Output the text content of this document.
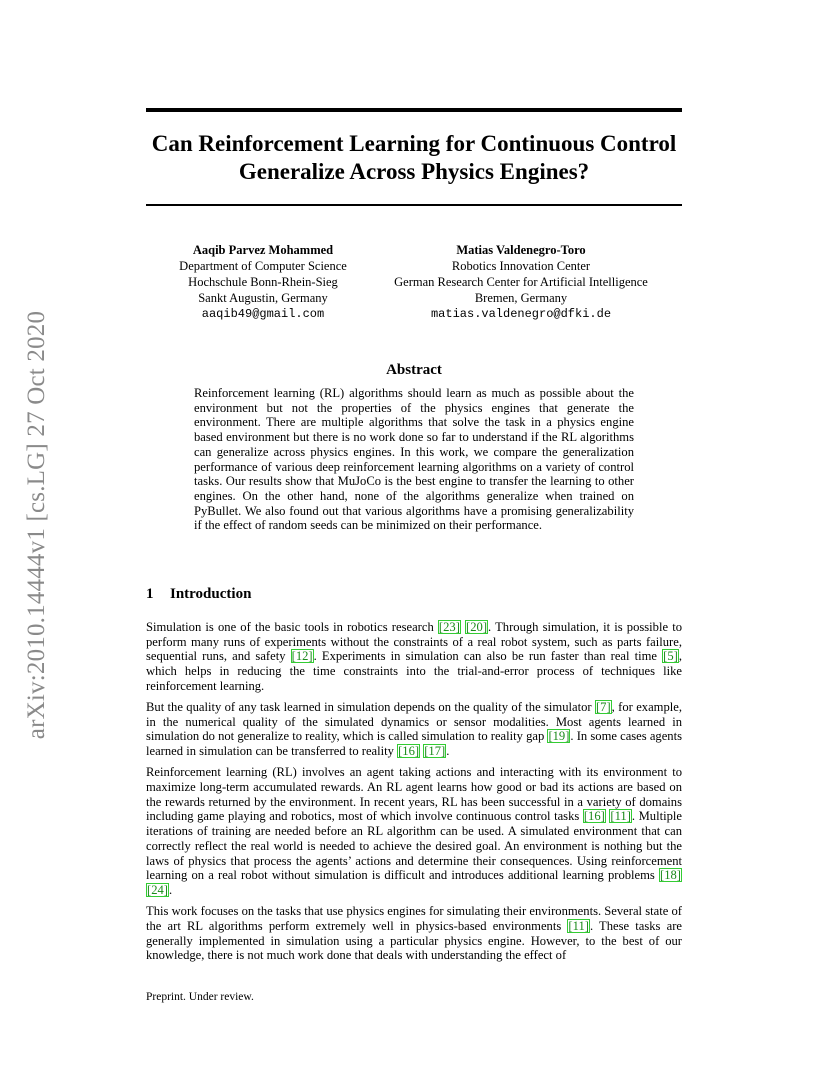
arXiv:2010.14444v1 [cs.LG] 27 Oct 2020
Can Reinforcement Learning for Continuous Control
Generalize Across Physics Engines?
Aaqib Parvez Mohammed
Department of Computer Science
Hochschule Bonn-Rhein-Sieg
Sankt Augustin, Germany
aaqib49@gmail.com
Matias Valdenegro-Toro
Robotics Innovation Center
German Research Center for Artificial Intelligence
Bremen, Germany
matias.valdenegro@dfki.de
Abstract
Reinforcement learning (RL) algorithms should learn as much as possible about the environment but not the properties of the physics engines that generate the environment. There are multiple algorithms that solve the task in a physics engine based environment but there is no work done so far to understand if the RL algorithms can generalize across physics engines. In this work, we compare the generalization performance of various deep reinforcement learning algorithms on a variety of control tasks. Our results show that MuJoCo is the best engine to transfer the learning to other engines. On the other hand, none of the algorithms generalize when trained on PyBullet. We also found out that various algorithms have a promising generalizability if the effect of random seeds can be minimized on their performance.
1 Introduction

Simulation is one of the basic tools in robotics research [23] [20]. Through simulation, it is possible to perform many runs of experiments without the constraints of a real robot system, such as parts failure, sequential runs, and safety [12]. Experiments in simulation can also be run faster than real time [5], which helps in reducing the time constraints into the trial-and-error process of techniques like reinforcement learning.

But the quality of any task learned in simulation depends on the quality of the simulator [7], for example, in the numerical quality of the simulated dynamics or sensor modalities. Most agents learned in simulation do not generalize to reality, which is called simulation to reality gap [19]. In some cases agents learned in simulation can be transferred to reality [16] [17].

Reinforcement learning (RL) involves an agent taking actions and interacting with its environment to maximize long-term accumulated rewards. An RL agent learns how good or bad its actions are based on the rewards returned by the environment. In recent years, RL has been successful in a variety of domains including game playing and robotics, most of which involve continuous control tasks [16] [11]. Multiple iterations of training are needed before an RL algorithm can be used. A simulated environment that can correctly reflect the real world is needed to achieve the desired goal. An environment is nothing but the laws of physics that process the agents’ actions and determine their consequences. Using reinforcement learning on a real robot without simulation is difficult and introduces additional learning problems [18] [24].

This work focuses on the tasks that use physics engines for simulating their environments. Several state of the art RL algorithms perform extremely well in physics-based environments [11]. These tasks are generally implemented in simulation using a particular physics engine. However, to the best of our knowledge, there is not much work done that deals with understanding the effect of

Preprint. Under review.
